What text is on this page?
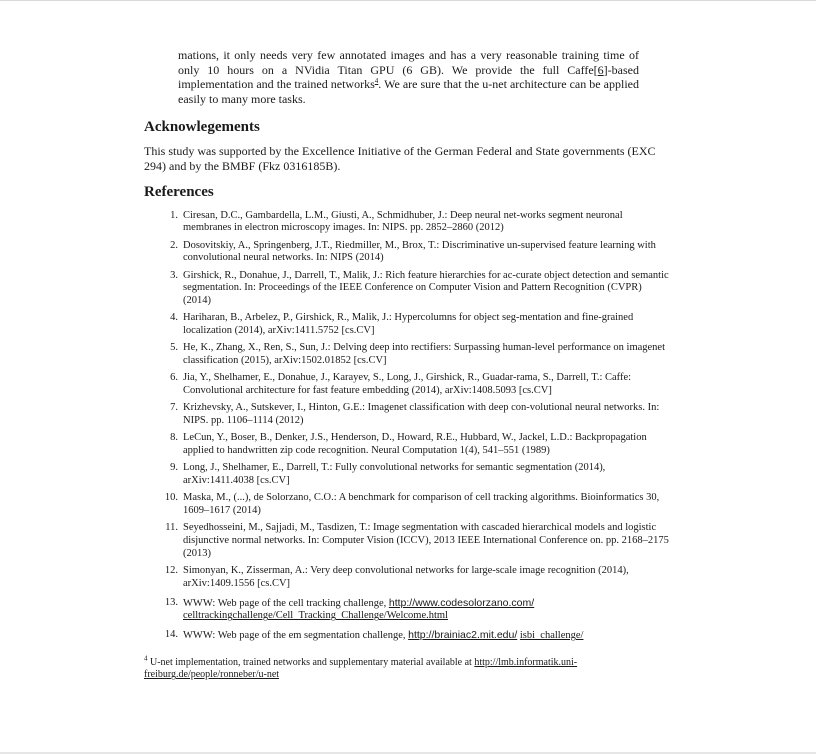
mations, it only needs very few annotated images and has a very reasonable training time of only 10 hours on a NVidia Titan GPU (6 GB). We provide the full Caffe[6]-based implementation and the trained networks$^4$. We are sure that the u-net architecture can be applied easily to many more tasks.

Acknowlegements

This study was supported by the Excellence Initiative of the German Federal and State governments (EXC 294) and by the BMBF (Fkz 0316185B).

References
1. Ciresan, D.C., Gambardella, L.M., Giusti, A., Schmidhuber, J.: Deep neural net-works segment neuronal membranes in electron microscopy images. In: NIPS. pp. 2852–2860 (2012)
2. Dosovitskiy, A., Springenberg, J.T., Riedmiller, M., Brox, T.: Discriminative un-supervised feature learning with convolutional neural networks. In: NIPS (2014)
3. Girshick, R., Donahue, J., Darrell, T., Malik, J.: Rich feature hierarchies for ac-curate object detection and semantic segmentation. In: Proceedings of the IEEE Conference on Computer Vision and Pattern Recognition (CVPR) (2014)
4. Hariharan, B., Arbelez, P., Girshick, R., Malik, J.: Hypercolumns for object seg-mentation and fine-grained localization (2014), arXiv:1411.5752 [cs.CV]
5. He, K., Zhang, X., Ren, S., Sun, J.: Delving deep into rectifiers: Surpassing human-level performance on imagenet classification (2015), arXiv:1502.01852 [cs.CV]
6. Jia, Y., Shelhamer, E., Donahue, J., Karayev, S., Long, J., Girshick, R., Guadar-rama, S., Darrell, T.: Caffe: Convolutional architecture for fast feature embedding (2014), arXiv:1408.5093 [cs.CV]
7. Krizhevsky, A., Sutskever, I., Hinton, G.E.: Imagenet classification with deep con-volutional neural networks. In: NIPS. pp. 1106–1114 (2012)
8. LeCun, Y., Boser, B., Denker, J.S., Henderson, D., Howard, R.E., Hubbard, W., Jackel, L.D.: Backpropagation applied to handwritten zip code recognition. Neural Computation 1(4), 541–551 (1989)
9. Long, J., Shelhamer, E., Darrell, T.: Fully convolutional networks for semantic segmentation (2014), arXiv:1411.4038 [cs.CV]
10. Maska, M., (...), de Solorzano, C.O.: A benchmark for comparison of cell tracking algorithms. Bioinformatics 30, 1609–1617 (2014)
11. Seyedhosseini, M., Sajjadi, M., Tasdizen, T.: Image segmentation with cascaded hierarchical models and logistic disjunctive normal networks. In: Computer Vision (ICCV), 2013 IEEE International Conference on. pp. 2168–2175 (2013)
12. Simonyan, K., Zisserman, A.: Very deep convolutional networks for large-scale image recognition (2014), arXiv:1409.1556 [cs.CV]
13. WWW: Web page of the cell tracking challenge, http://www.codesolorzano.com/
celltrackingchallenge/Cell_Tracking_Challenge/Welcome.html
14. WWW: Web page of the em segmentation challenge, http://brainiac2.mit.edu/ isbi_challenge/
$^4$ U-net implementation, trained networks and supplementary material available at http://lmb.informatik.uni-
freiburg.de/people/ronneber/u-net
